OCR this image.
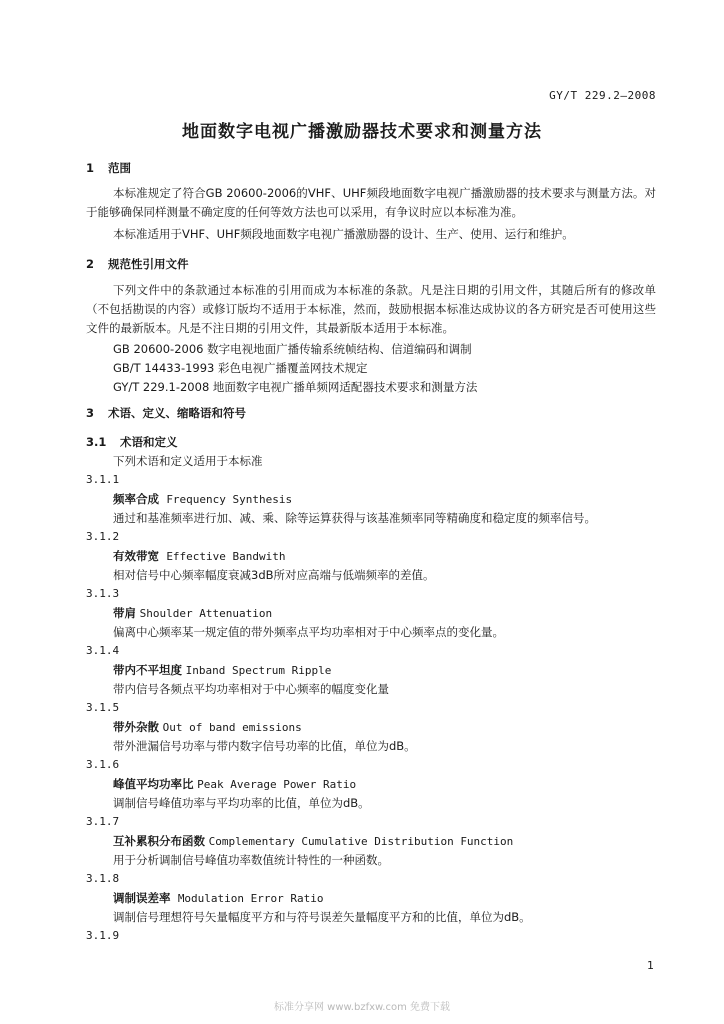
GY/T 229.2—2008
地面数字电视广播激励器技术要求和测量方法
1 范围
本标准规定了符合GB 20600-2006的VHF、UHF频段地面数字电视广播激励器的技术要求与测量方法。对于能够确保同样测量不确定度的任何等效方法也可以采用，有争议时应以本标准为准。
本标准适用于VHF、UHF频段地面数字电视广播激励器的设计、生产、使用、运行和维护。
2 规范性引用文件
下列文件中的条款通过本标准的引用而成为本标准的条款。凡是注日期的引用文件，其随后所有的修改单（不包括勘误的内容）或修订版均不适用于本标准，然而，鼓励根据本标准达成协议的各方研究是否可使用这些文件的最新版本。凡是不注日期的引用文件，其最新版本适用于本标准。
GB 20600-2006 数字电视地面广播传输系统帧结构、信道编码和调制
GB/T 14433-1993 彩色电视广播覆盖网技术规定
GY/T 229.1-2008 地面数字电视广播单频网适配器技术要求和测量方法
3 术语、定义、缩略语和符号
3.1 术语和定义
下列术语和定义适用于本标准
3.1.1
频率合成 Frequency Synthesis
通过和基准频率进行加、减、乘、除等运算获得与该基准频率同等精确度和稳定度的频率信号。
3.1.2
有效带宽 Effective Bandwith
相对信号中心频率幅度衰减3dB所对应高端与低端频率的差值。
3.1.3
带肩 Shoulder Attenuation
偏离中心频率某一规定值的带外频率点平均功率相对于中心频率点的变化量。
3.1.4
带内不平坦度 Inband Spectrum Ripple
带内信号各频点平均功率相对于中心频率的幅度变化量
3.1.5
带外杂散 Out of band emissions
带外泄漏信号功率与带内数字信号功率的比值，单位为dB。
3.1.6
峰值平均功率比 Peak Average Power Ratio
调制信号峰值功率与平均功率的比值，单位为dB。
3.1.7
互补累积分布函数 Complementary Cumulative Distribution Function
用于分析调制信号峰值功率数值统计特性的一种函数。
3.1.8
调制误差率 Modulation Error Ratio
调制信号理想符号矢量幅度平方和与符号误差矢量幅度平方和的比值，单位为dB。
3.1.9
1
标准分享网 www.bzfxw.com 免费下载
